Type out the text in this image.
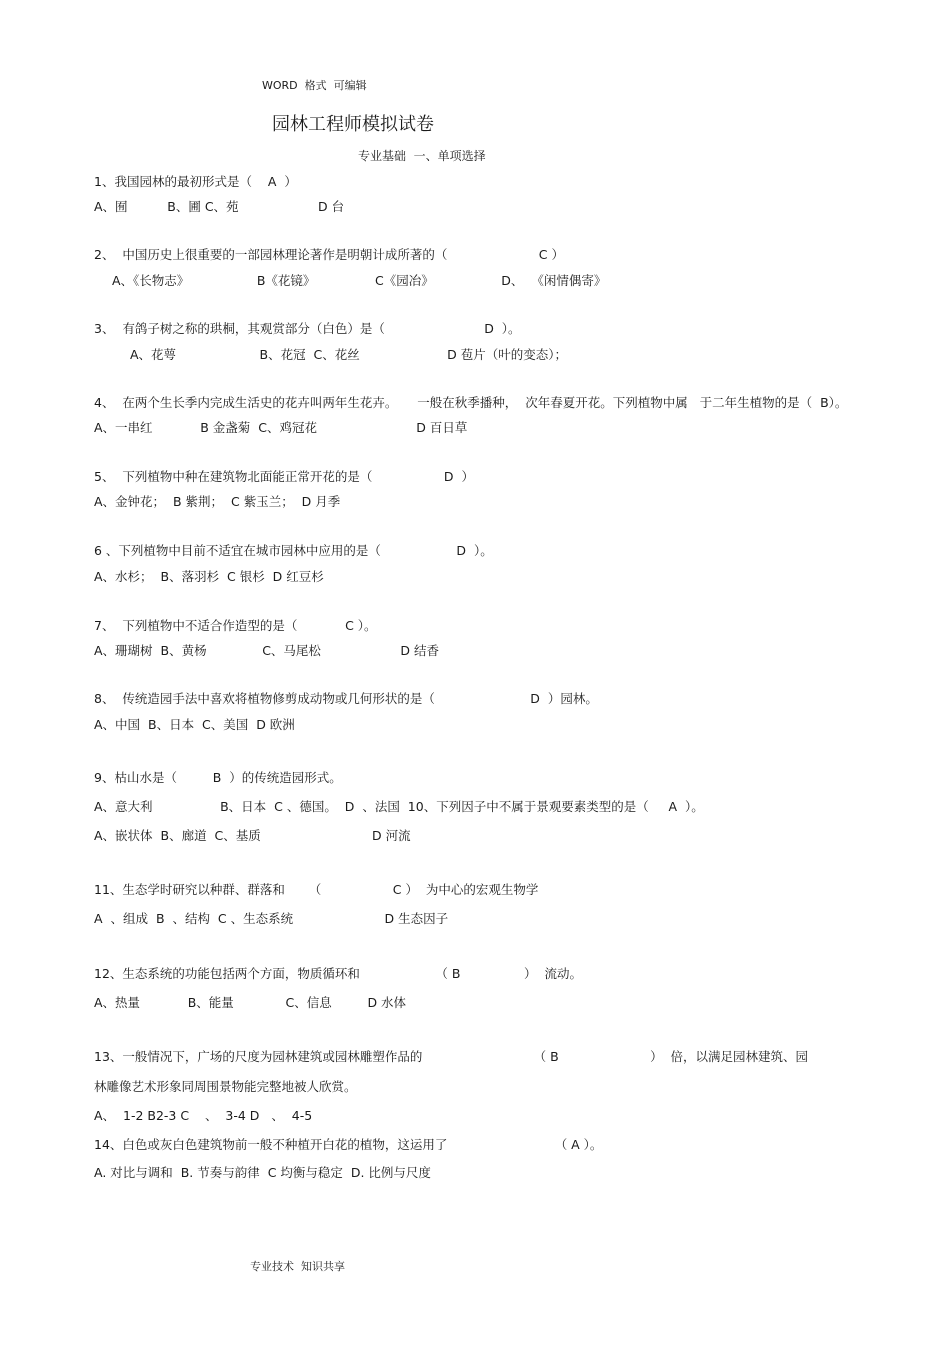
WORD  格式  可编辑
园林工程师模拟试卷
专业基础  一、单项选择
1、我国园林的最初形式是（    A  ）
A、囿          B、圃 C、苑                    D 台
2、  中国历史上很重要的一部园林理论著作是明朝计成所著的（                       C ）
A、《长物志》                 B《花镜》               C《园冶》                 D、  《闲情偶寄》
3、  有鸽子树之称的珙桐，其观赏部分（白色）是（                         D  ）。
A、花萼                     B、花冠  C、花丝                      D 苞片（叶的变态）；
4、  在两个生长季内完成生活史的花卉叫两年生花卉。     一般在秋季播种，  次年春夏开花。下列植物中属   于二年生植物的是（  B）。
A、一串红            B 金盏菊  C、鸡冠花                         D 百日草
5、  下列植物中种在建筑物北面能正常开花的是（                  D  ）
A、金钟花；  B 紫荆；  C 紫玉兰；  D 月季
6 、下列植物中目前不适宜在城市园林中应用的是（                   D  ）。
A、水杉；  B、落羽杉  C 银杉  D 红豆杉
7、  下列植物中不适合作造型的是（            C ）。
A、珊瑚树  B、黄杨              C、马尾松                    D 结香
8、  传统造园手法中喜欢将植物修剪成动物或几何形状的是（                        D  ）园林。
A、中国  B、日本  C、美国  D 欧洲
9、枯山水是（         B  ）的传统造园形式。
A、意大利                 B、日本  C 、德国。  D  、法国  10、下列因子中不属于景观要素类型的是（     A  ）。
A、嵌状体  B、廊道  C、基质                            D 河流
11、生态学时研究以种群、群落和      （                  C ）  为中心的宏观生物学
A  、组成  B  、结构  C 、生态系统                       D 生态因子
12、生态系统的功能包括两个方面，物质循环和                   （ B                ）  流动。
A、热量            B、能量             C、信息         D 水体
13、一般情况下，广场的尺度为园林建筑或园林雕塑作品的                            （ B                       ）  倍，以满足园林建筑、园
林雕像艺术形象同周围景物能完整地被人欣赏。
A、  1-2 B2-3 C    、  3-4 D   、  4-5
14、白色或灰白色建筑物前一般不种植开白花的植物，这运用了                           （ A ）。
A. 对比与调和  B. 节奏与韵律  C 均衡与稳定  D. 比例与尺度
专业技术  知识共享
